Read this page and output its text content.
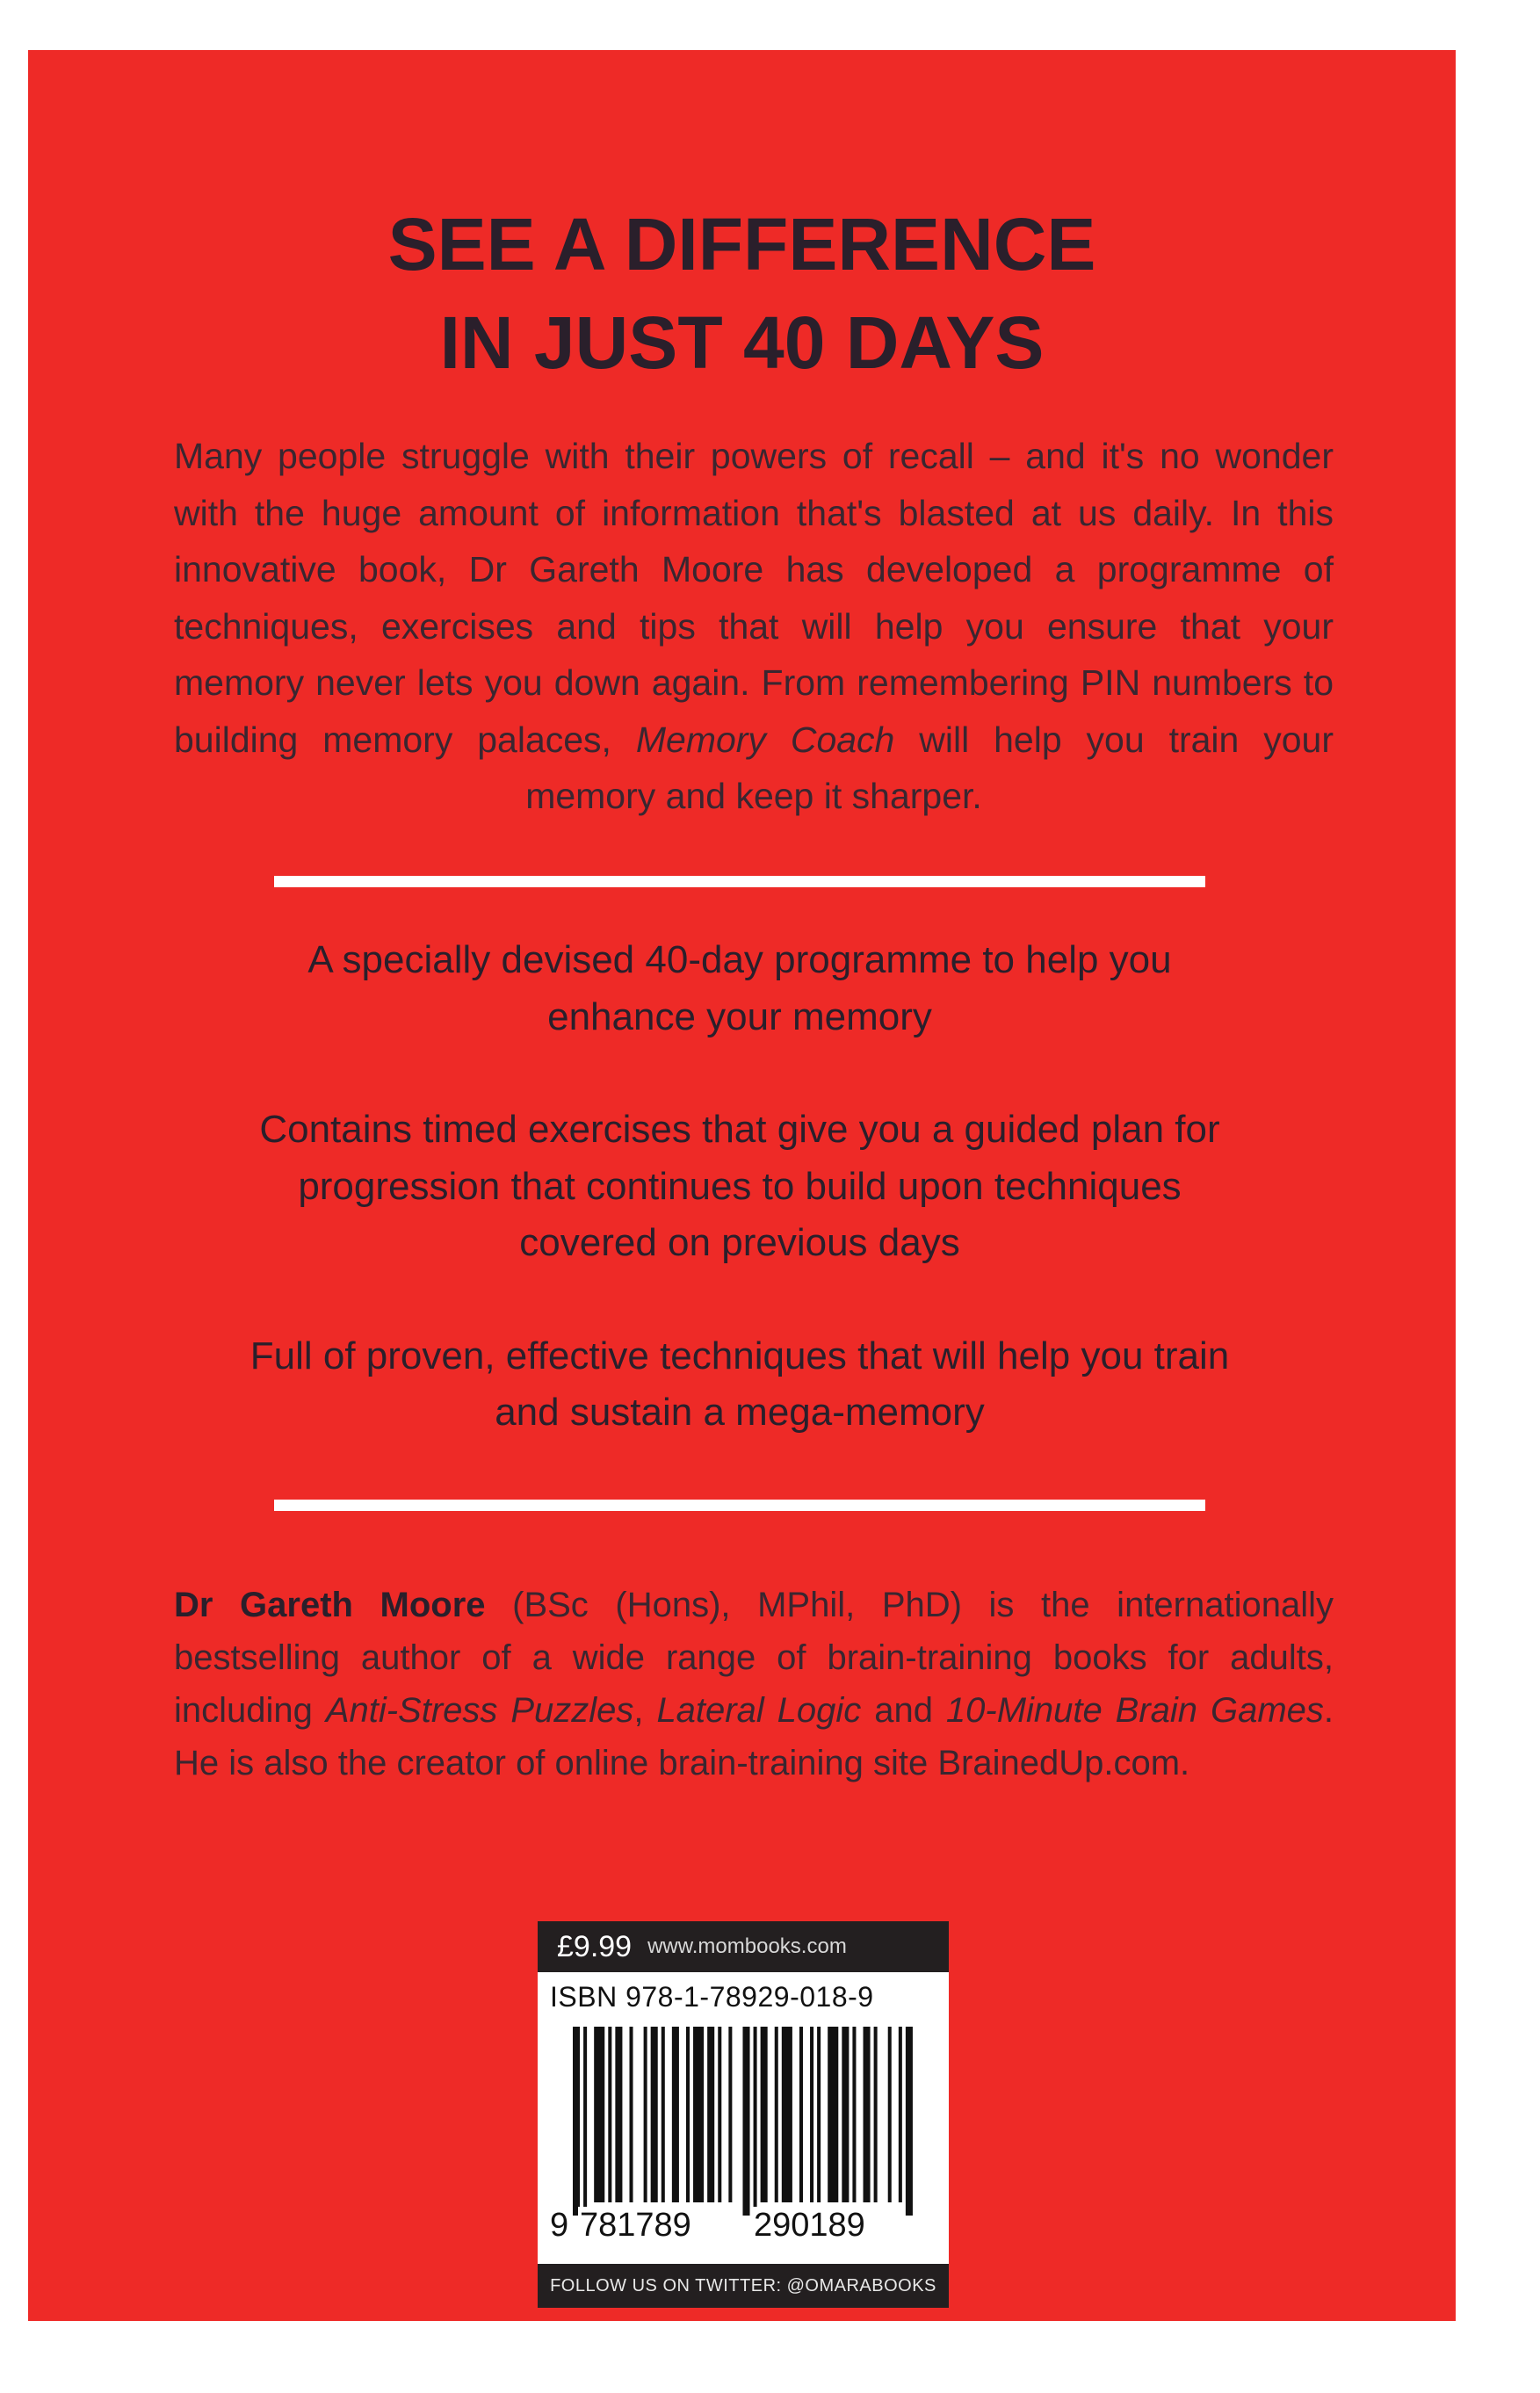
SEE A DIFFERENCE
IN JUST 40 DAYS
Many people struggle with their powers of recall – and it's no wonder with the huge amount of information that's blasted at us daily. In this innovative book, Dr Gareth Moore has developed a programme of techniques, exercises and tips that will help you ensure that your memory never lets you down again. From remembering PIN numbers to building memory palaces, Memory Coach will help you train your memory and keep it sharper.

A specially devised 40-day programme to help you enhance your memory

Contains timed exercises that give you a guided plan for progression that continues to build upon techniques covered on previous days

Full of proven, effective techniques that will help you train and sustain a mega-memory

Dr Gareth Moore (BSc (Hons), MPhil, PhD) is the internationally bestselling author of a wide range of brain-training books for adults, including Anti-Stress Puzzles, Lateral Logic and 10-Minute Brain Games. He is also the creator of online brain-training site BrainedUp.com.
£9.99 www.mombooks.com
ISBN 978-1-78929-018-9
9 781789 290189
FOLLOW US ON TWITTER: @OMARABOOKS
